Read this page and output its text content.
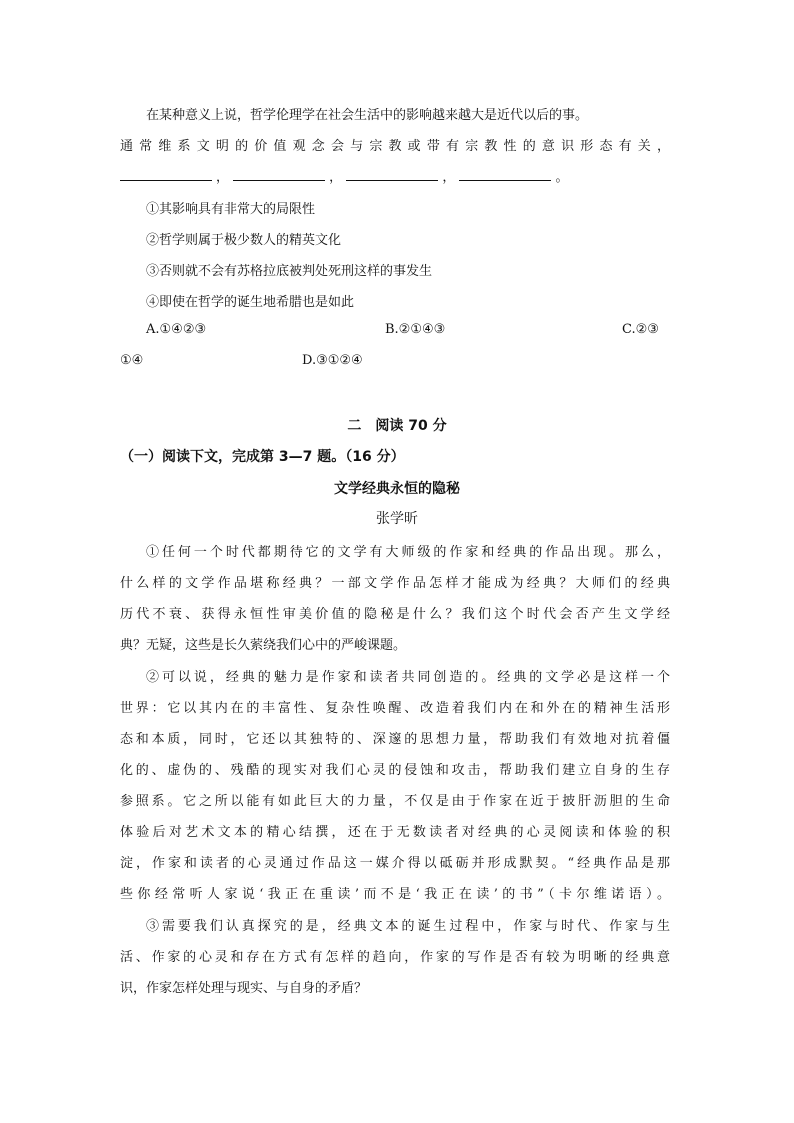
在某种意义上说，哲学伦理学在社会生活中的影响越来越大是近代以后的事。
通常维系文明的价值观念会与宗教或带有宗教性的意识形态有关，
，	，	，	。
①其影响具有非常大的局限性
②哲学则属于极少数人的精英文化
③否则就不会有苏格拉底被判处死刑这样的事发生
④即使在哲学的诞生地希腊也是如此
A.①④②③	B.②①④③	C.②③
①④	D.③①②④
二　阅读 70 分
（一）阅读下文，完成第 3—7 题。（16 分）
文学经典永恒的隐秘
张学昕
①任何一个时代都期待它的文学有大师级的作家和经典的作品出现。那么，
什么样的文学作品堪称经典？一部文学作品怎样才能成为经典？大师们的经典
历代不衰、获得永恒性审美价值的隐秘是什么？我们这个时代会否产生文学经
典？无疑，这些是长久萦绕我们心中的严峻课题。
②可以说，经典的魅力是作家和读者共同创造的。经典的文学必是这样一个
世界：它以其内在的丰富性、复杂性唤醒、改造着我们内在和外在的精神生活形
态和本质，同时，它还以其独特的、深邃的思想力量，帮助我们有效地对抗着僵
化的、虚伪的、残酷的现实对我们心灵的侵蚀和攻击，帮助我们建立自身的生存
参照系。它之所以能有如此巨大的力量，不仅是由于作家在近于披肝沥胆的生命
体验后对艺术文本的精心结撰，还在于无数读者对经典的心灵阅读和体验的积
淀，作家和读者的心灵通过作品这一媒介得以砥砺并形成默契。“经典作品是那
些你经常听人家说‘我正在重读’而不是‘我正在读’的书”（卡尔维诺语）。
③需要我们认真探究的是，经典文本的诞生过程中，作家与时代、作家与生
活、作家的心灵和存在方式有怎样的趋向，作家的写作是否有较为明晰的经典意
识，作家怎样处理与现实、与自身的矛盾？
